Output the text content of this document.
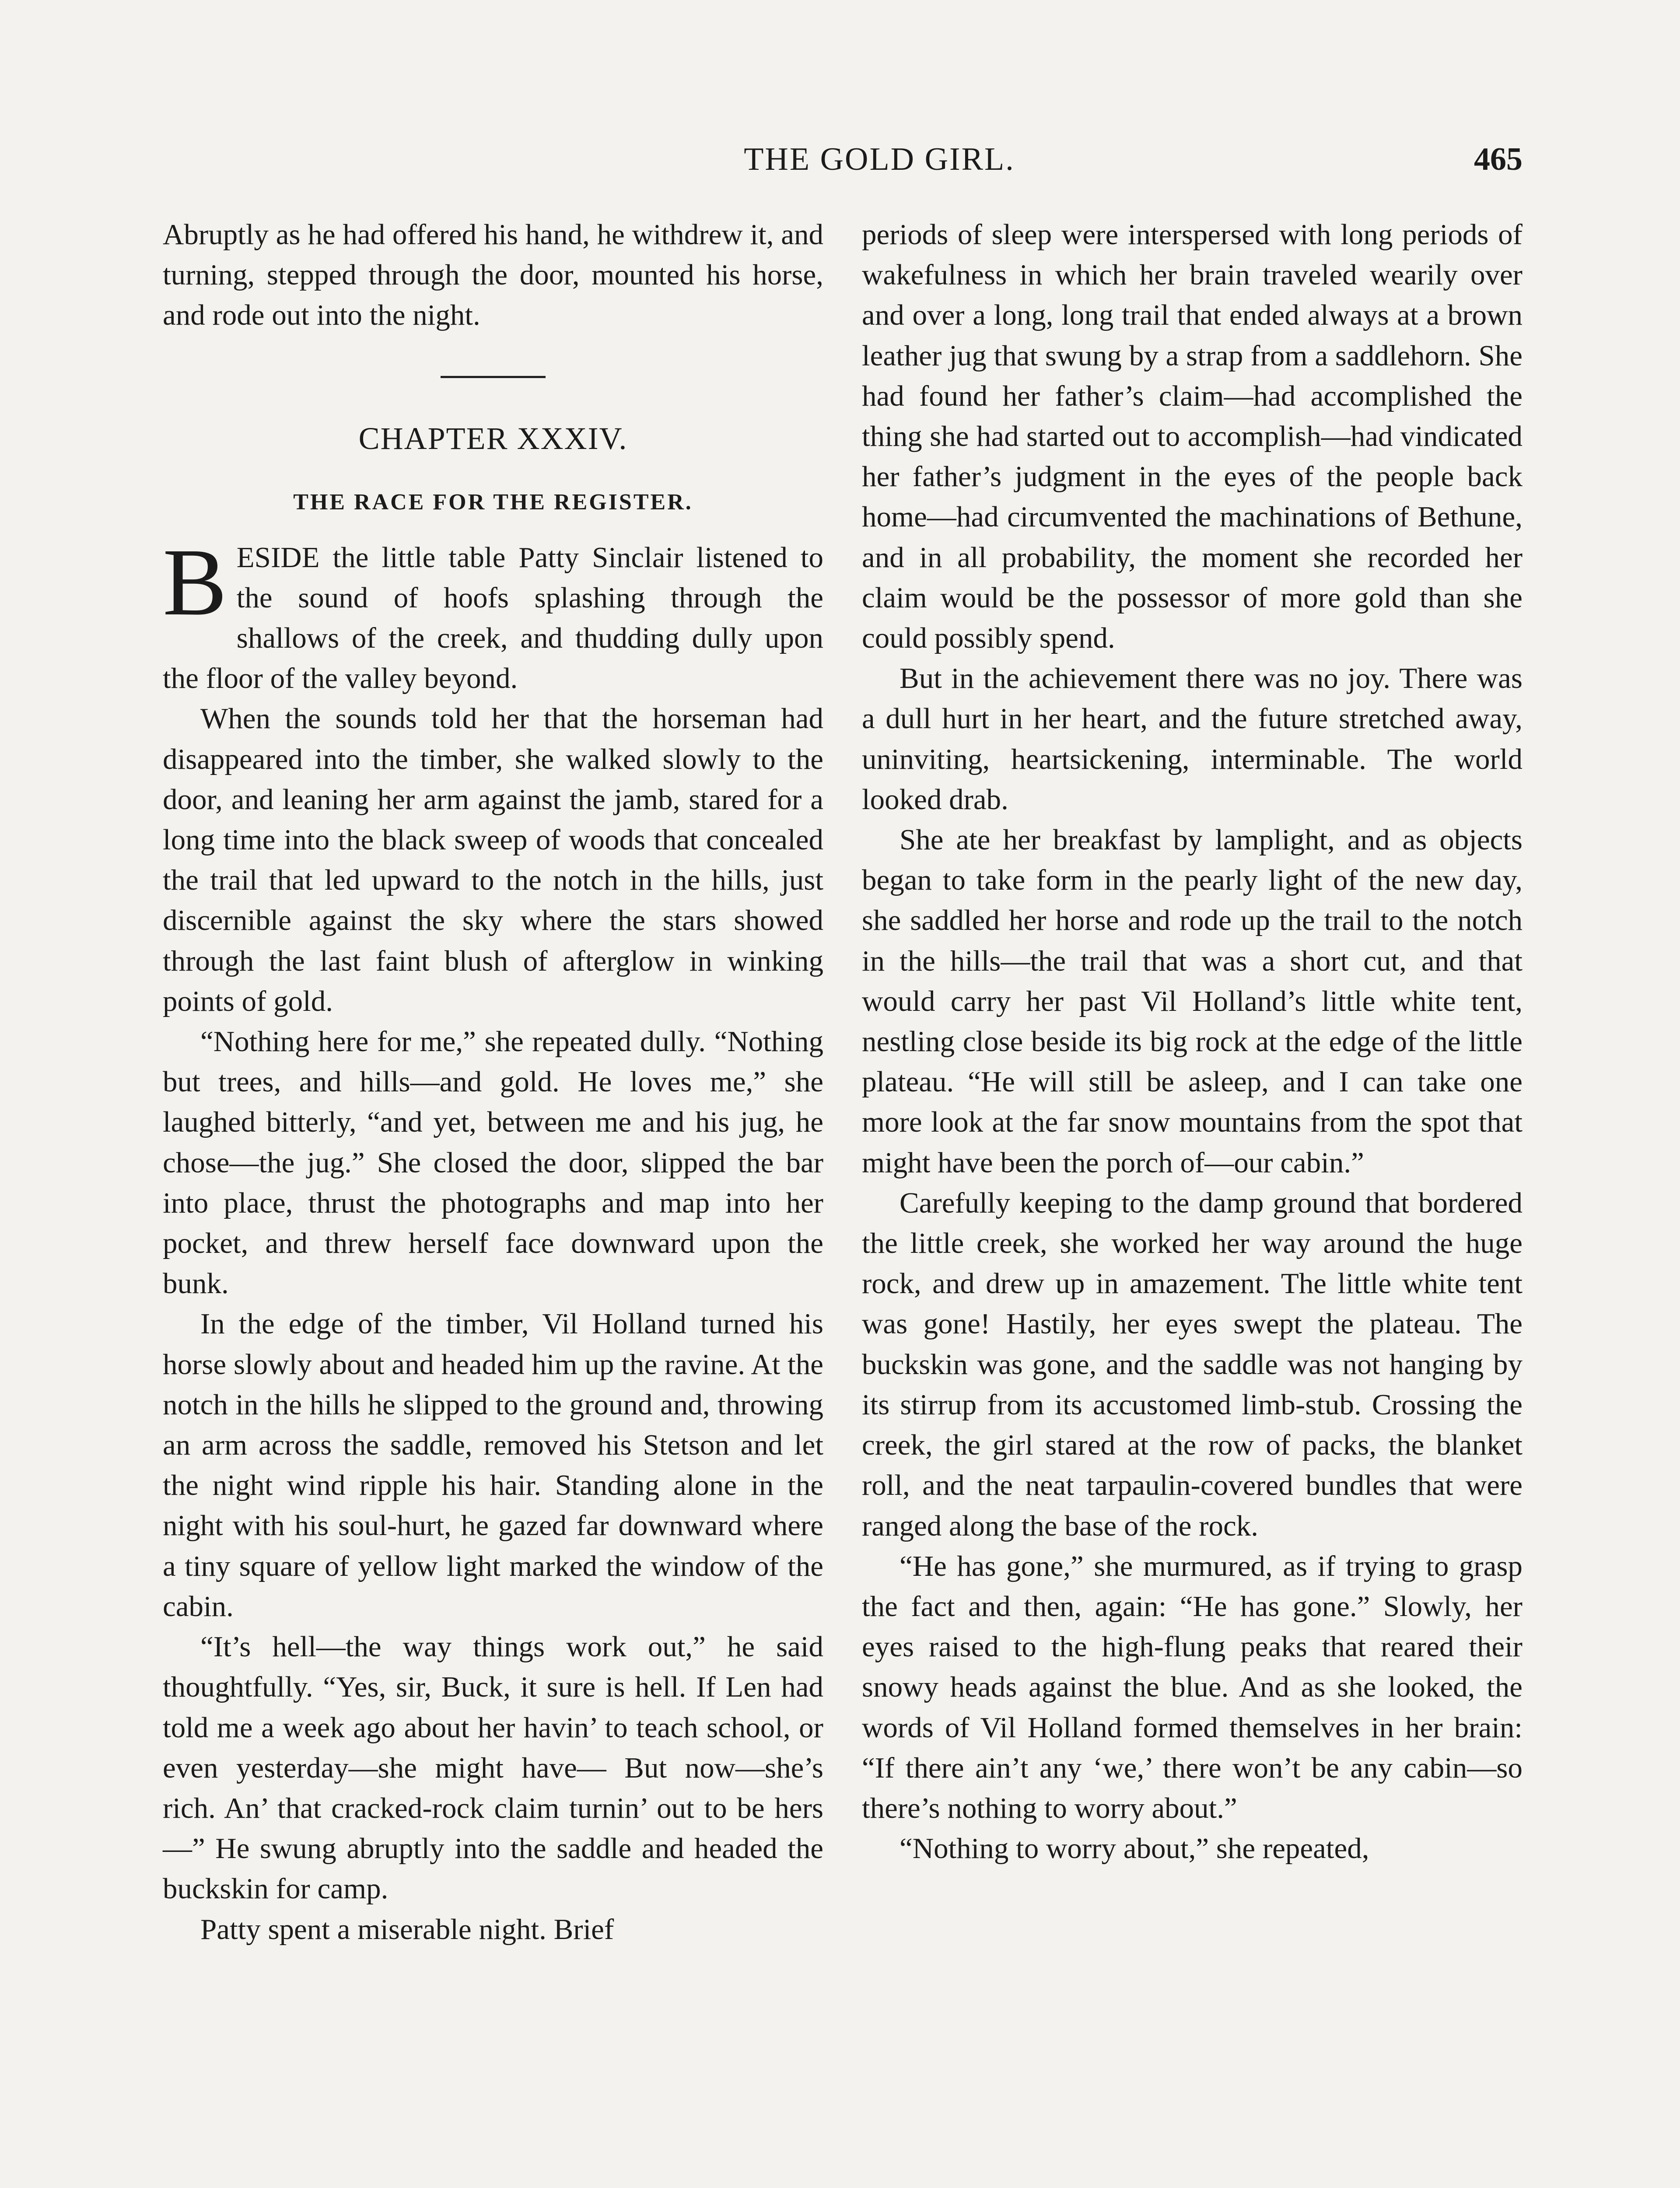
THE GOLD GIRL.	465

Abruptly as he had offered his hand, he withdrew it, and turning, stepped through the door, mounted his horse, and rode out into the night.

CHAPTER XXXIV.
THE RACE FOR THE REGISTER.

BESIDE the little table Patty Sinclair listened to the sound of hoofs splashing through the shallows of the creek, and thudding dully upon the floor of the valley beyond.

When the sounds told her that the horseman had disappeared into the timber, she walked slowly to the door, and leaning her arm against the jamb, stared for a long time into the black sweep of woods that concealed the trail that led upward to the notch in the hills, just discernible against the sky where the stars showed through the last faint blush of afterglow in winking points of gold.

“Nothing here for me,” she repeated dully. “Nothing but trees, and hills—and gold. He loves me,” she laughed bitterly, “and yet, between me and his jug, he chose—the jug.” She closed the door, slipped the bar into place, thrust the photographs and map into her pocket, and threw herself face downward upon the bunk.

In the edge of the timber, Vil Holland turned his horse slowly about and headed him up the ravine. At the notch in the hills he slipped to the ground and, throwing an arm across the saddle, removed his Stetson and let the night wind ripple his hair. Standing alone in the night with his soul-hurt, he gazed far downward where a tiny square of yellow light marked the window of the cabin.

“It’s hell—the way things work out,” he said thoughtfully. “Yes, sir, Buck, it sure is hell. If Len had told me a week ago about her havin’ to teach school, or even yesterday—she might have— But now—she’s rich. An’ that cracked-rock claim turnin’ out to be hers—” He swung abruptly into the saddle and headed the buckskin for camp.

Patty spent a miserable night. Brief

periods of sleep were interspersed with long periods of wakefulness in which her brain traveled wearily over and over a long, long trail that ended always at a brown leather jug that swung by a strap from a saddlehorn. She had found her father’s claim—had accomplished the thing she had started out to accomplish—had vindicated her father’s judgment in the eyes of the people back home—had circumvented the machinations of Bethune, and in all probability, the moment she recorded her claim would be the possessor of more gold than she could possibly spend.

But in the achievement there was no joy. There was a dull hurt in her heart, and the future stretched away, uninviting, heartsickening, interminable. The world looked drab.

She ate her breakfast by lamplight, and as objects began to take form in the pearly light of the new day, she saddled her horse and rode up the trail to the notch in the hills—the trail that was a short cut, and that would carry her past Vil Holland’s little white tent, nestling close beside its big rock at the edge of the little plateau. “He will still be asleep, and I can take one more look at the far snow mountains from the spot that might have been the porch of—our cabin.”

Carefully keeping to the damp ground that bordered the little creek, she worked her way around the huge rock, and drew up in amazement. The little white tent was gone! Hastily, her eyes swept the plateau. The buckskin was gone, and the saddle was not hanging by its stirrup from its accustomed limb-stub. Crossing the creek, the girl stared at the row of packs, the blanket roll, and the neat tarpaulin-covered bundles that were ranged along the base of the rock.

“He has gone,” she murmured, as if trying to grasp the fact and then, again: “He has gone.” Slowly, her eyes raised to the high-flung peaks that reared their snowy heads against the blue. And as she looked, the words of Vil Holland formed themselves in her brain: “If there ain’t any ‘we,’ there won’t be any cabin—so there’s nothing to worry about.”

“Nothing to worry about,” she repeated,
